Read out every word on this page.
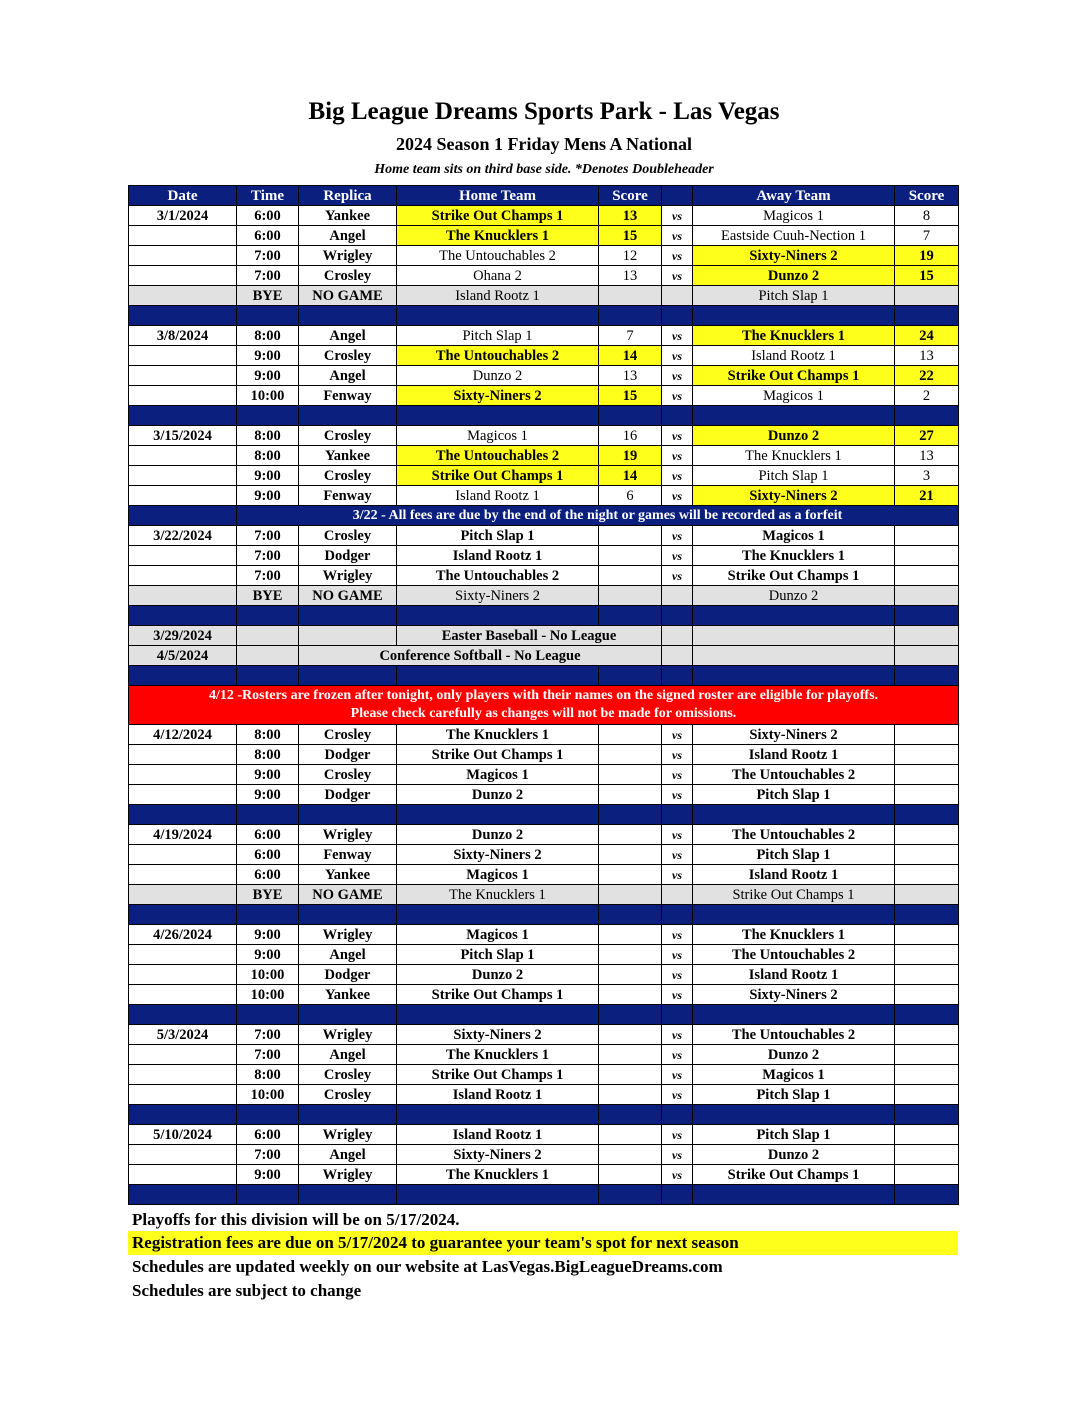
Big League Dreams Sports Park - Las Vegas
2024 Season 1 Friday Mens A National
Home team sits on third base side. *Denotes Doubleheader
Date	Time	Replica	Home Team	Score		Away Team	Score
3/1/2024	6:00	Yankee	Strike Out Champs 1	13	vs	Magicos 1	8
	6:00	Angel	The Knucklers 1	15	vs	Eastside Cuuh-Nection 1	7
	7:00	Wrigley	The Untouchables 2	12	vs	Sixty-Niners 2	19
	7:00	Crosley	Ohana 2	13	vs	Dunzo 2	15
	BYE	NO GAME	Island Rootz 1			Pitch Slap 1	

3/8/2024	8:00	Angel	Pitch Slap 1	7	vs	The Knucklers 1	24
	9:00	Crosley	The Untouchables 2	14	vs	Island Rootz 1	13
	9:00	Angel	Dunzo 2	13	vs	Strike Out Champs 1	22
	10:00	Fenway	Sixty-Niners 2	15	vs	Magicos 1	2

3/15/2024	8:00	Crosley	Magicos 1	16	vs	Dunzo 2	27
	8:00	Yankee	The Untouchables 2	19	vs	The Knucklers 1	13
	9:00	Crosley	Strike Out Champs 1	14	vs	Pitch Slap 1	3
	9:00	Fenway	Island Rootz 1	6	vs	Sixty-Niners 2	21
	3/22 - All fees are due by the end of the night or games will be recorded as a forfeit						
3/22/2024	7:00	Crosley	Pitch Slap 1		vs	Magicos 1	
	7:00	Dodger	Island Rootz 1		vs	The Knucklers 1	
	7:00	Wrigley	The Untouchables 2		vs	Strike Out Champs 1	
	BYE	NO GAME	Sixty-Niners 2			Dunzo 2	

3/29/2024			Easter Baseball - No League				
4/5/2024		Conference Softball - No League					

4/12 -Rosters are frozen after tonight, only players with their names on the signed roster are eligible for playoffs.
Please check carefully as changes will not be made for omissions.							

4/12/2024	8:00	Crosley	The Knucklers 1		vs	Sixty-Niners 2	
	8:00	Dodger	Strike Out Champs 1		vs	Island Rootz 1	
	9:00	Crosley	Magicos 1		vs	The Untouchables 2	
	9:00	Dodger	Dunzo 2		vs	Pitch Slap 1	

4/19/2024	6:00	Wrigley	Dunzo 2		vs	The Untouchables 2	
	6:00	Fenway	Sixty-Niners 2		vs	Pitch Slap 1	
	6:00	Yankee	Magicos 1		vs	Island Rootz 1	
	BYE	NO GAME	The Knucklers 1			Strike Out Champs 1	

4/26/2024	9:00	Wrigley	Magicos 1		vs	The Knucklers 1	
	9:00	Angel	Pitch Slap 1		vs	The Untouchables 2	
	10:00	Dodger	Dunzo 2		vs	Island Rootz 1	
	10:00	Yankee	Strike Out Champs 1		vs	Sixty-Niners 2	

5/3/2024	7:00	Wrigley	Sixty-Niners 2		vs	The Untouchables 2	
	7:00	Angel	The Knucklers 1		vs	Dunzo 2	
	8:00	Crosley	Strike Out Champs 1		vs	Magicos 1	
	10:00	Crosley	Island Rootz 1		vs	Pitch Slap 1	

5/10/2024	6:00	Wrigley	Island Rootz 1		vs	Pitch Slap 1	
	7:00	Angel	Sixty-Niners 2		vs	Dunzo 2	
	9:00	Wrigley	The Knucklers 1		vs	Strike Out Champs 1	

Playoffs for this division will be on 5/17/2024.
Registration fees are due on 5/17/2024 to guarantee your team's spot for next season
Schedules are updated weekly on our website at LasVegas.BigLeagueDreams.com
Schedules are subject to change
